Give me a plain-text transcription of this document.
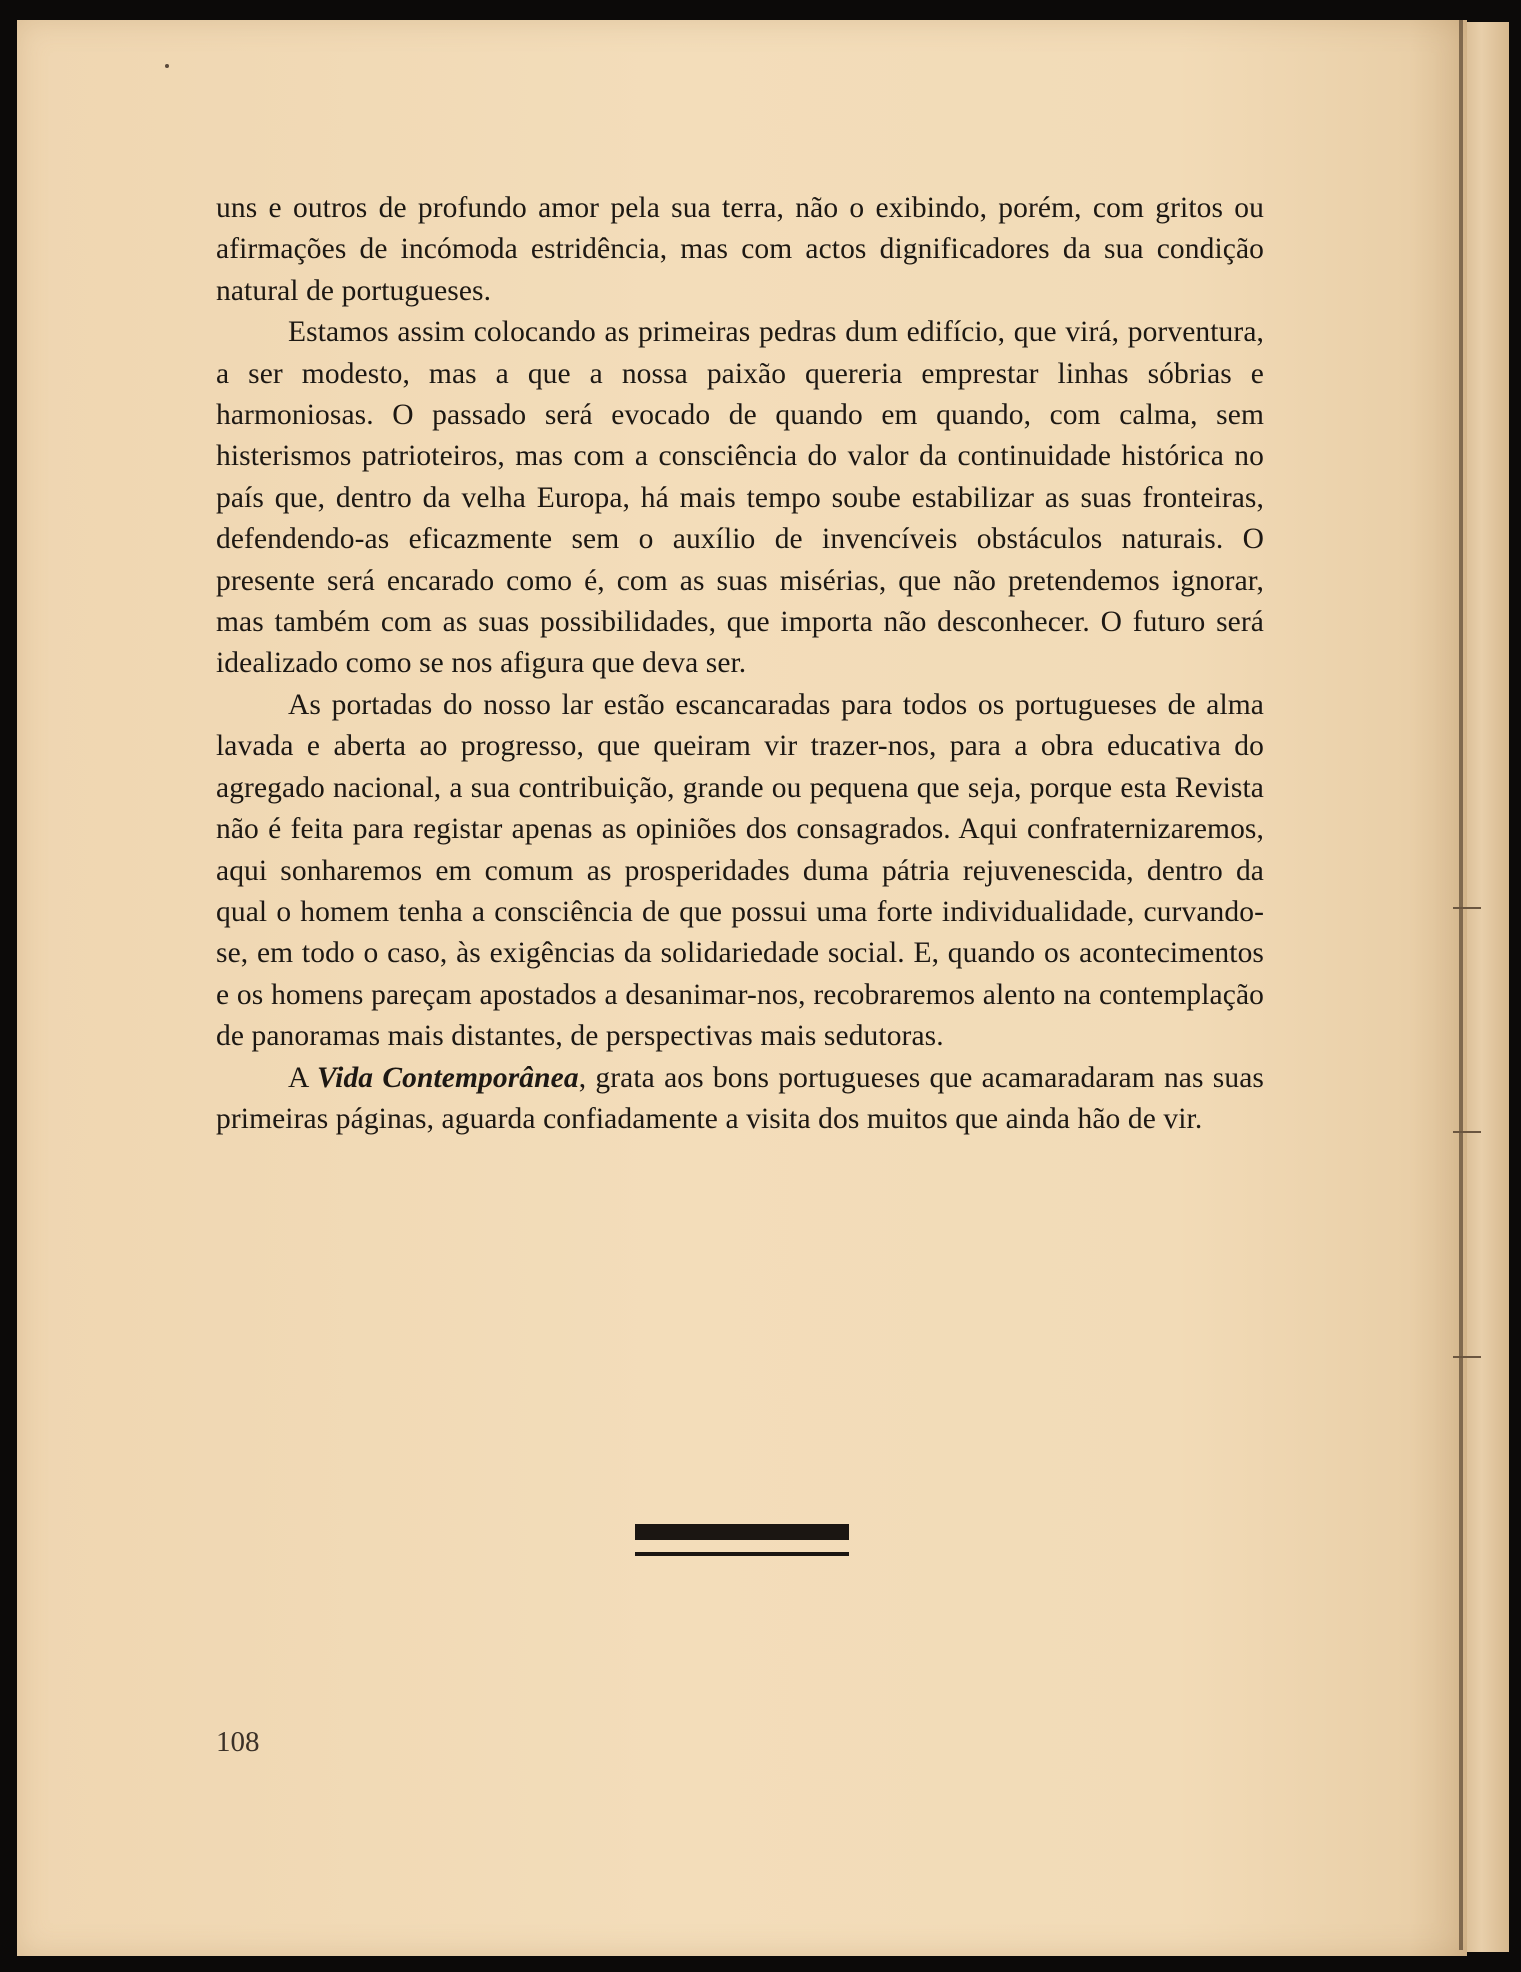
uns e outros de profundo amor pela sua terra, não o exibindo, porém, com gritos ou afirmações de incómoda estridência, mas com actos dignificadores da sua condição natural de portugueses.

Estamos assim colocando as primeiras pedras dum edifício, que virá, porventura, a ser modesto, mas a que a nossa paixão quereria emprestar linhas sóbrias e harmoniosas. O passado será evocado de quando em quando, com calma, sem histerismos patrioteiros, mas com a consciência do valor da continuidade histórica no país que, dentro da velha Europa, há mais tempo soube estabilizar as suas fronteiras, defendendo-as eficazmente sem o auxílio de invencíveis obstáculos naturais. O presente será encarado como é, com as suas misérias, que não pretendemos ignorar, mas também com as suas possibilidades, que importa não desconhecer. O futuro será idealizado como se nos afigura que deva ser.

As portadas do nosso lar estão escancaradas para todos os portugueses de alma lavada e aberta ao progresso, que queiram vir trazer-nos, para a obra educativa do agregado nacional, a sua contribuição, grande ou pequena que seja, porque esta Revista não é feita para registar apenas as opiniões dos consagrados. Aqui confraternizaremos, aqui sonharemos em comum as prosperidades duma pátria rejuvenescida, dentro da qual o homem tenha a consciência de que possui uma forte individualidade, curvando-se, em todo o caso, às exigências da solidariedade social. E, quando os acontecimentos e os homens pareçam apostados a desanimar-nos, recobraremos alento na contemplação de panoramas mais distantes, de perspectivas mais sedutoras.

A Vida Contemporânea, grata aos bons portugueses que acamaradaram nas suas primeiras páginas, aguarda confiadamente a visita dos muitos que ainda hão de vir.

108
